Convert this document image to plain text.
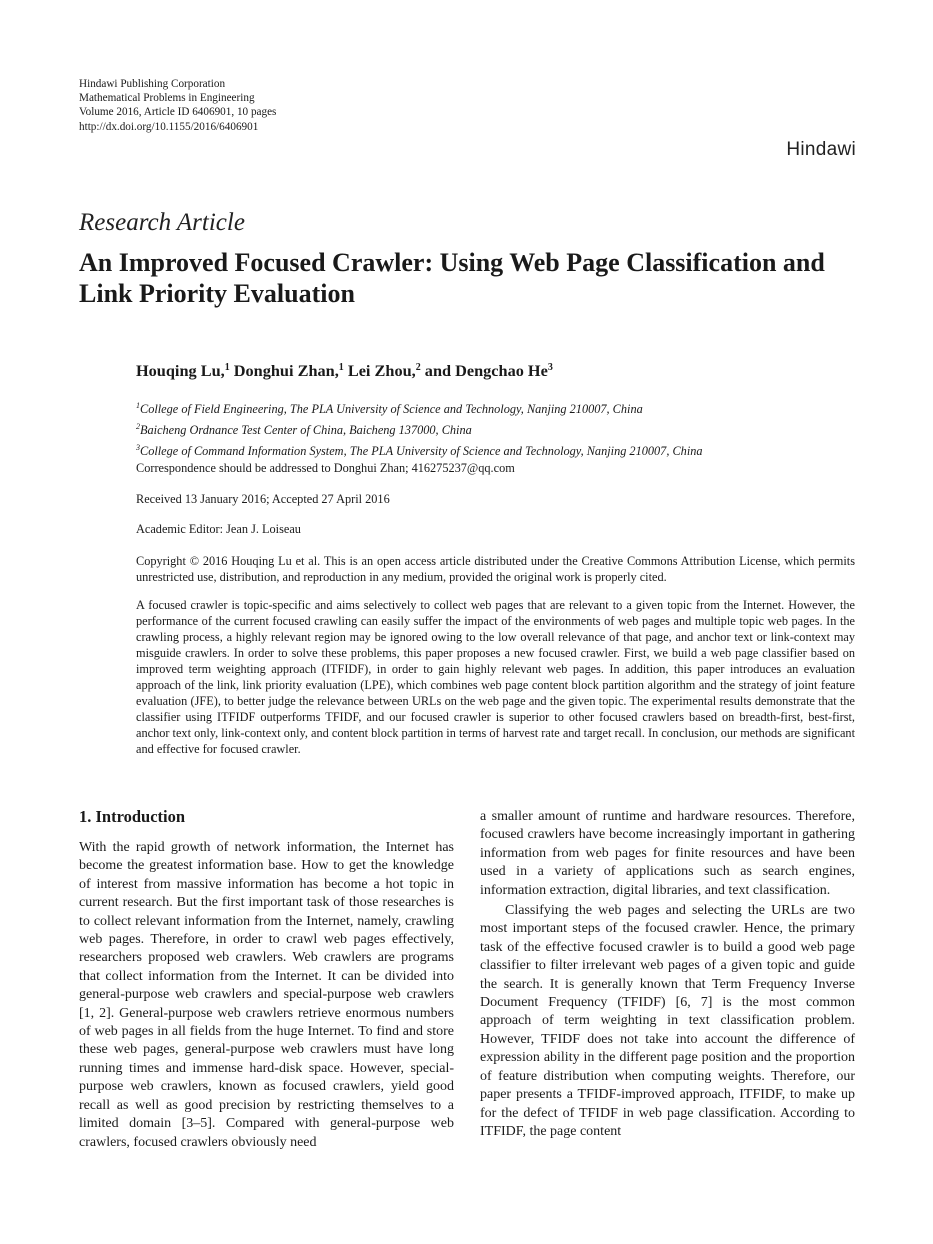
Hindawi Publishing Corporation
Mathematical Problems in Engineering
Volume 2016, Article ID 6406901, 10 pages
http://dx.doi.org/10.1155/2016/6406901
Hindawi
Research Article
An Improved Focused Crawler: Using Web Page Classification and Link Priority Evaluation
Houqing Lu,$^1$ Donghui Zhan,$^1$ Lei Zhou,$^2$ and Dengchao He$^3$
$^1$College of Field Engineering, The PLA University of Science and Technology, Nanjing 210007, China
$^2$Baicheng Ordnance Test Center of China, Baicheng 137000, China
$^3$College of Command Information System, The PLA University of Science and Technology, Nanjing 210007, China
Correspondence should be addressed to Donghui Zhan; 416275237@qq.com
Received 13 January 2016; Accepted 27 April 2016
Academic Editor: Jean J. Loiseau
Copyright © 2016 Houqing Lu et al. This is an open access article distributed under the Creative Commons Attribution License, which permits unrestricted use, distribution, and reproduction in any medium, provided the original work is properly cited.
A focused crawler is topic-specific and aims selectively to collect web pages that are relevant to a given topic from the Internet. However, the performance of the current focused crawling can easily suffer the impact of the environments of web pages and multiple topic web pages. In the crawling process, a highly relevant region may be ignored owing to the low overall relevance of that page, and anchor text or link-context may misguide crawlers. In order to solve these problems, this paper proposes a new focused crawler. First, we build a web page classifier based on improved term weighting approach (ITFIDF), in order to gain highly relevant web pages. In addition, this paper introduces an evaluation approach of the link, link priority evaluation (LPE), which combines web page content block partition algorithm and the strategy of joint feature evaluation (JFE), to better judge the relevance between URLs on the web page and the given topic. The experimental results demonstrate that the classifier using ITFIDF outperforms TFIDF, and our focused crawler is superior to other focused crawlers based on breadth-first, best-first, anchor text only, link-context only, and content block partition in terms of harvest rate and target recall. In conclusion, our methods are significant and effective for focused crawler.
1. Introduction

With the rapid growth of network information, the Internet has become the greatest information base. How to get the knowledge of interest from massive information has become a hot topic in current research. But the first important task of those researches is to collect relevant information from the Internet, namely, crawling web pages. Therefore, in order to crawl web pages effectively, researchers proposed web crawlers. Web crawlers are programs that collect information from the Internet. It can be divided into general-purpose web crawlers and special-purpose web crawlers [1, 2]. General-purpose web crawlers retrieve enormous numbers of web pages in all fields from the huge Internet. To find and store these web pages, general-purpose web crawlers must have long running times and immense hard-disk space. However, special-purpose web crawlers, known as focused crawlers, yield good recall as well as good precision by restricting themselves to a limited domain [3–5]. Compared with general-purpose web crawlers, focused crawlers obviously need

a smaller amount of runtime and hardware resources. Therefore, focused crawlers have become increasingly important in gathering information from web pages for finite resources and have been used in a variety of applications such as search engines, information extraction, digital libraries, and text classification.

Classifying the web pages and selecting the URLs are two most important steps of the focused crawler. Hence, the primary task of the effective focused crawler is to build a good web page classifier to filter irrelevant web pages of a given topic and guide the search. It is generally known that Term Frequency Inverse Document Frequency (TFIDF) [6, 7] is the most common approach of term weighting in text classification problem. However, TFIDF does not take into account the difference of expression ability in the different page position and the proportion of feature distribution when computing weights. Therefore, our paper presents a TFIDF-improved approach, ITFIDF, to make up for the defect of TFIDF in web page classification. According to ITFIDF, the page content
